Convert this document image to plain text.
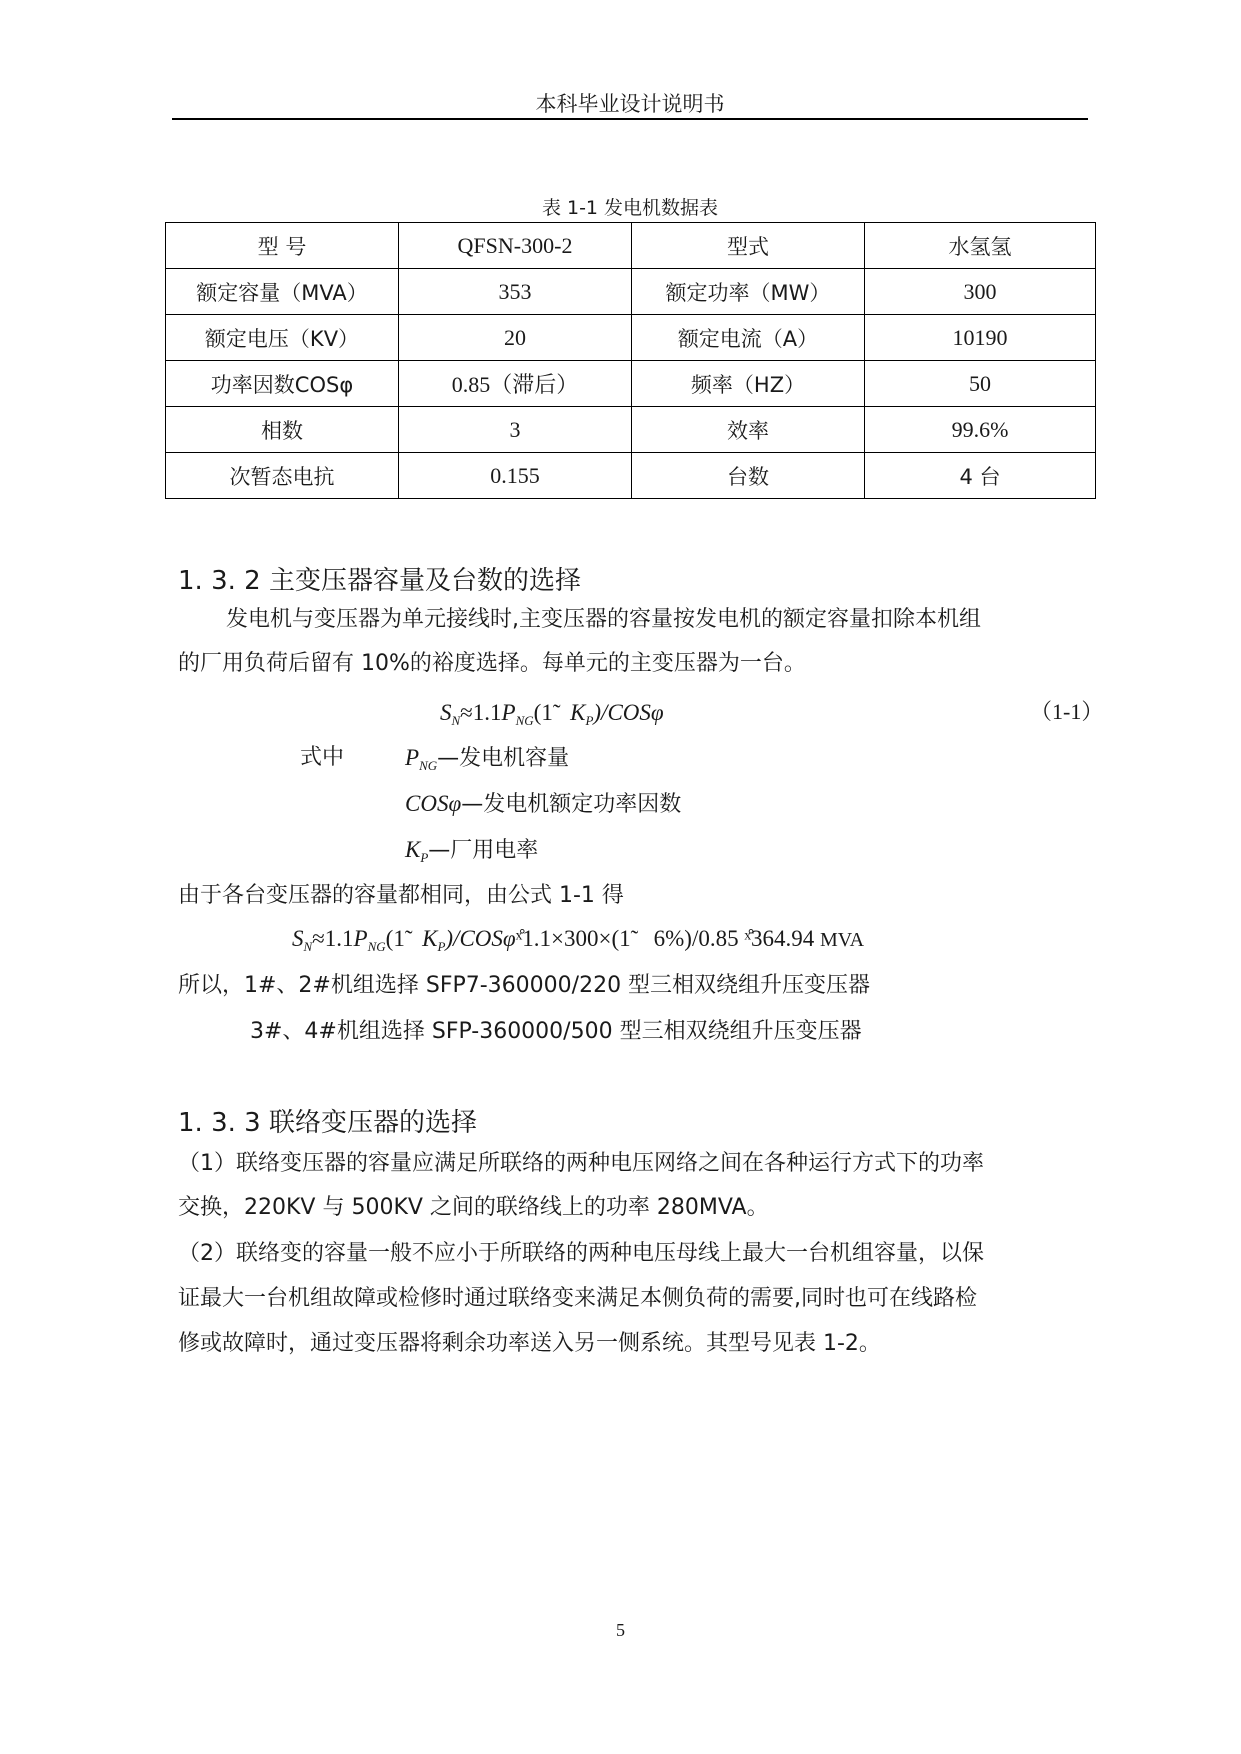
本科毕业设计说明书
表 1-1 发电机数据表
型 号	QFSN-300-2	型式	水氢氢
额定容量（MVA）	353	额定功率（MW）	300
额定电压（KV）	20	额定电流（A）	10190
功率因数COSφ	0.85（滞后）	频率（HZ）	50
相数	3	效率	99.6%
次暂态电抗	0.155	台数	4 台
1. 3. 2 主变压器容量及台数的选择
发电机与变压器为单元接线时,主变压器的容量按发电机的额定容量扣除本机组
的厂用负荷后留有 10%的裕度选择。每单元的主变压器为一台。
$S_N\approx 1.1P_{NG}(1̃$   $K_P$)/COSφ	（1-1）
式中	$P_{NG}—$发电机容量
COSφ—发电机额定功率因数
$K_P—$厂用电率
由于各台变压器的容量都相同，由公式 1-1 得
$S_N\approx 1.1P_{NG}(1̃$   $K_P)/COS\varphi ˣ̊1.1\times 300\times(1̃$    6%)/0.85 ˣ̊364.94 MVA
所以，1#、2#机组选择 SFP7-360000/220 型三相双绕组升压变压器
3#、4#机组选择 SFP-360000/500 型三相双绕组升压变压器
1. 3. 3 联络变压器的选择
（1）联络变压器的容量应满足所联络的两种电压网络之间在各种运行方式下的功率
交换，220KV 与 500KV 之间的联络线上的功率 280MVA。
（2）联络变的容量一般不应小于所联络的两种电压母线上最大一台机组容量，以保
证最大一台机组故障或检修时通过联络变来满足本侧负荷的需要,同时也可在线路检
修或故障时，通过变压器将剩余功率送入另一侧系统。其型号见表 1-2。
5
